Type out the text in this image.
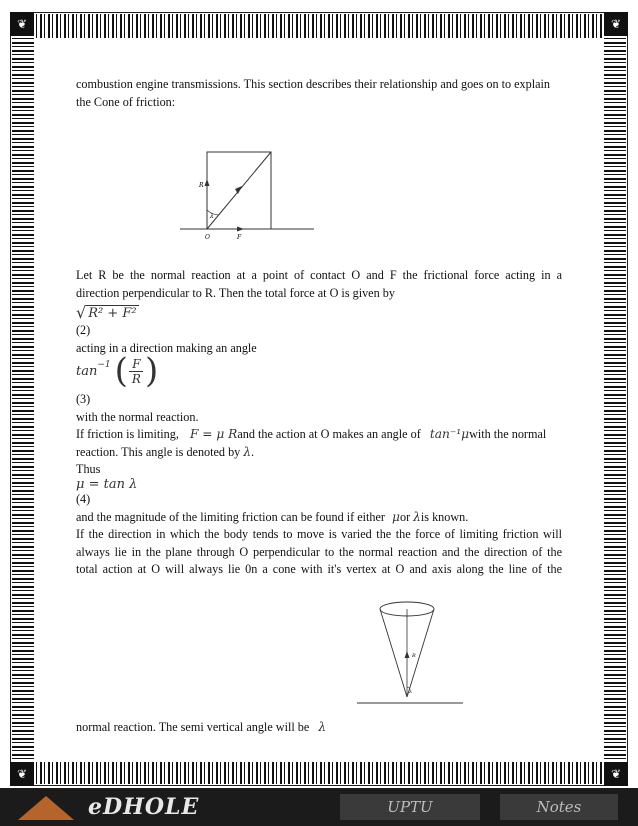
❦	❦
❦	❦
combustion engine transmissions. This section describes their relationship and goes on to explain
the Cone of friction:
R
λ
O	F
Let R be the normal reaction at a point of contact O and F the frictional force acting in a
direction perpendicular to R. Then the total force at O is given by
√ R² + F²
(2)
acting in a direction making an angle
$\tan^{-1}$ ( F
R )
(3)
with the normal reaction.
If friction is limiting, F = μ Rand the action at O makes an angle of tan⁻¹μwith the normal
reaction. This angle is denoted by λ.
Thus
μ = tan λ
(4)
and the magnitude of the limiting friction can be found if either μor λis known.
If the direction in which the body tends to move is varied the the force of limiting friction will
always lie in the plane through O perpendicular to the normal reaction and the direction of the
total action at O will always lie 0n a cone with it's vertex at O and axis along the line of the
R
λ
normal reaction. The semi vertical angle will be λ
eDHOLE	UPTU	Notes
